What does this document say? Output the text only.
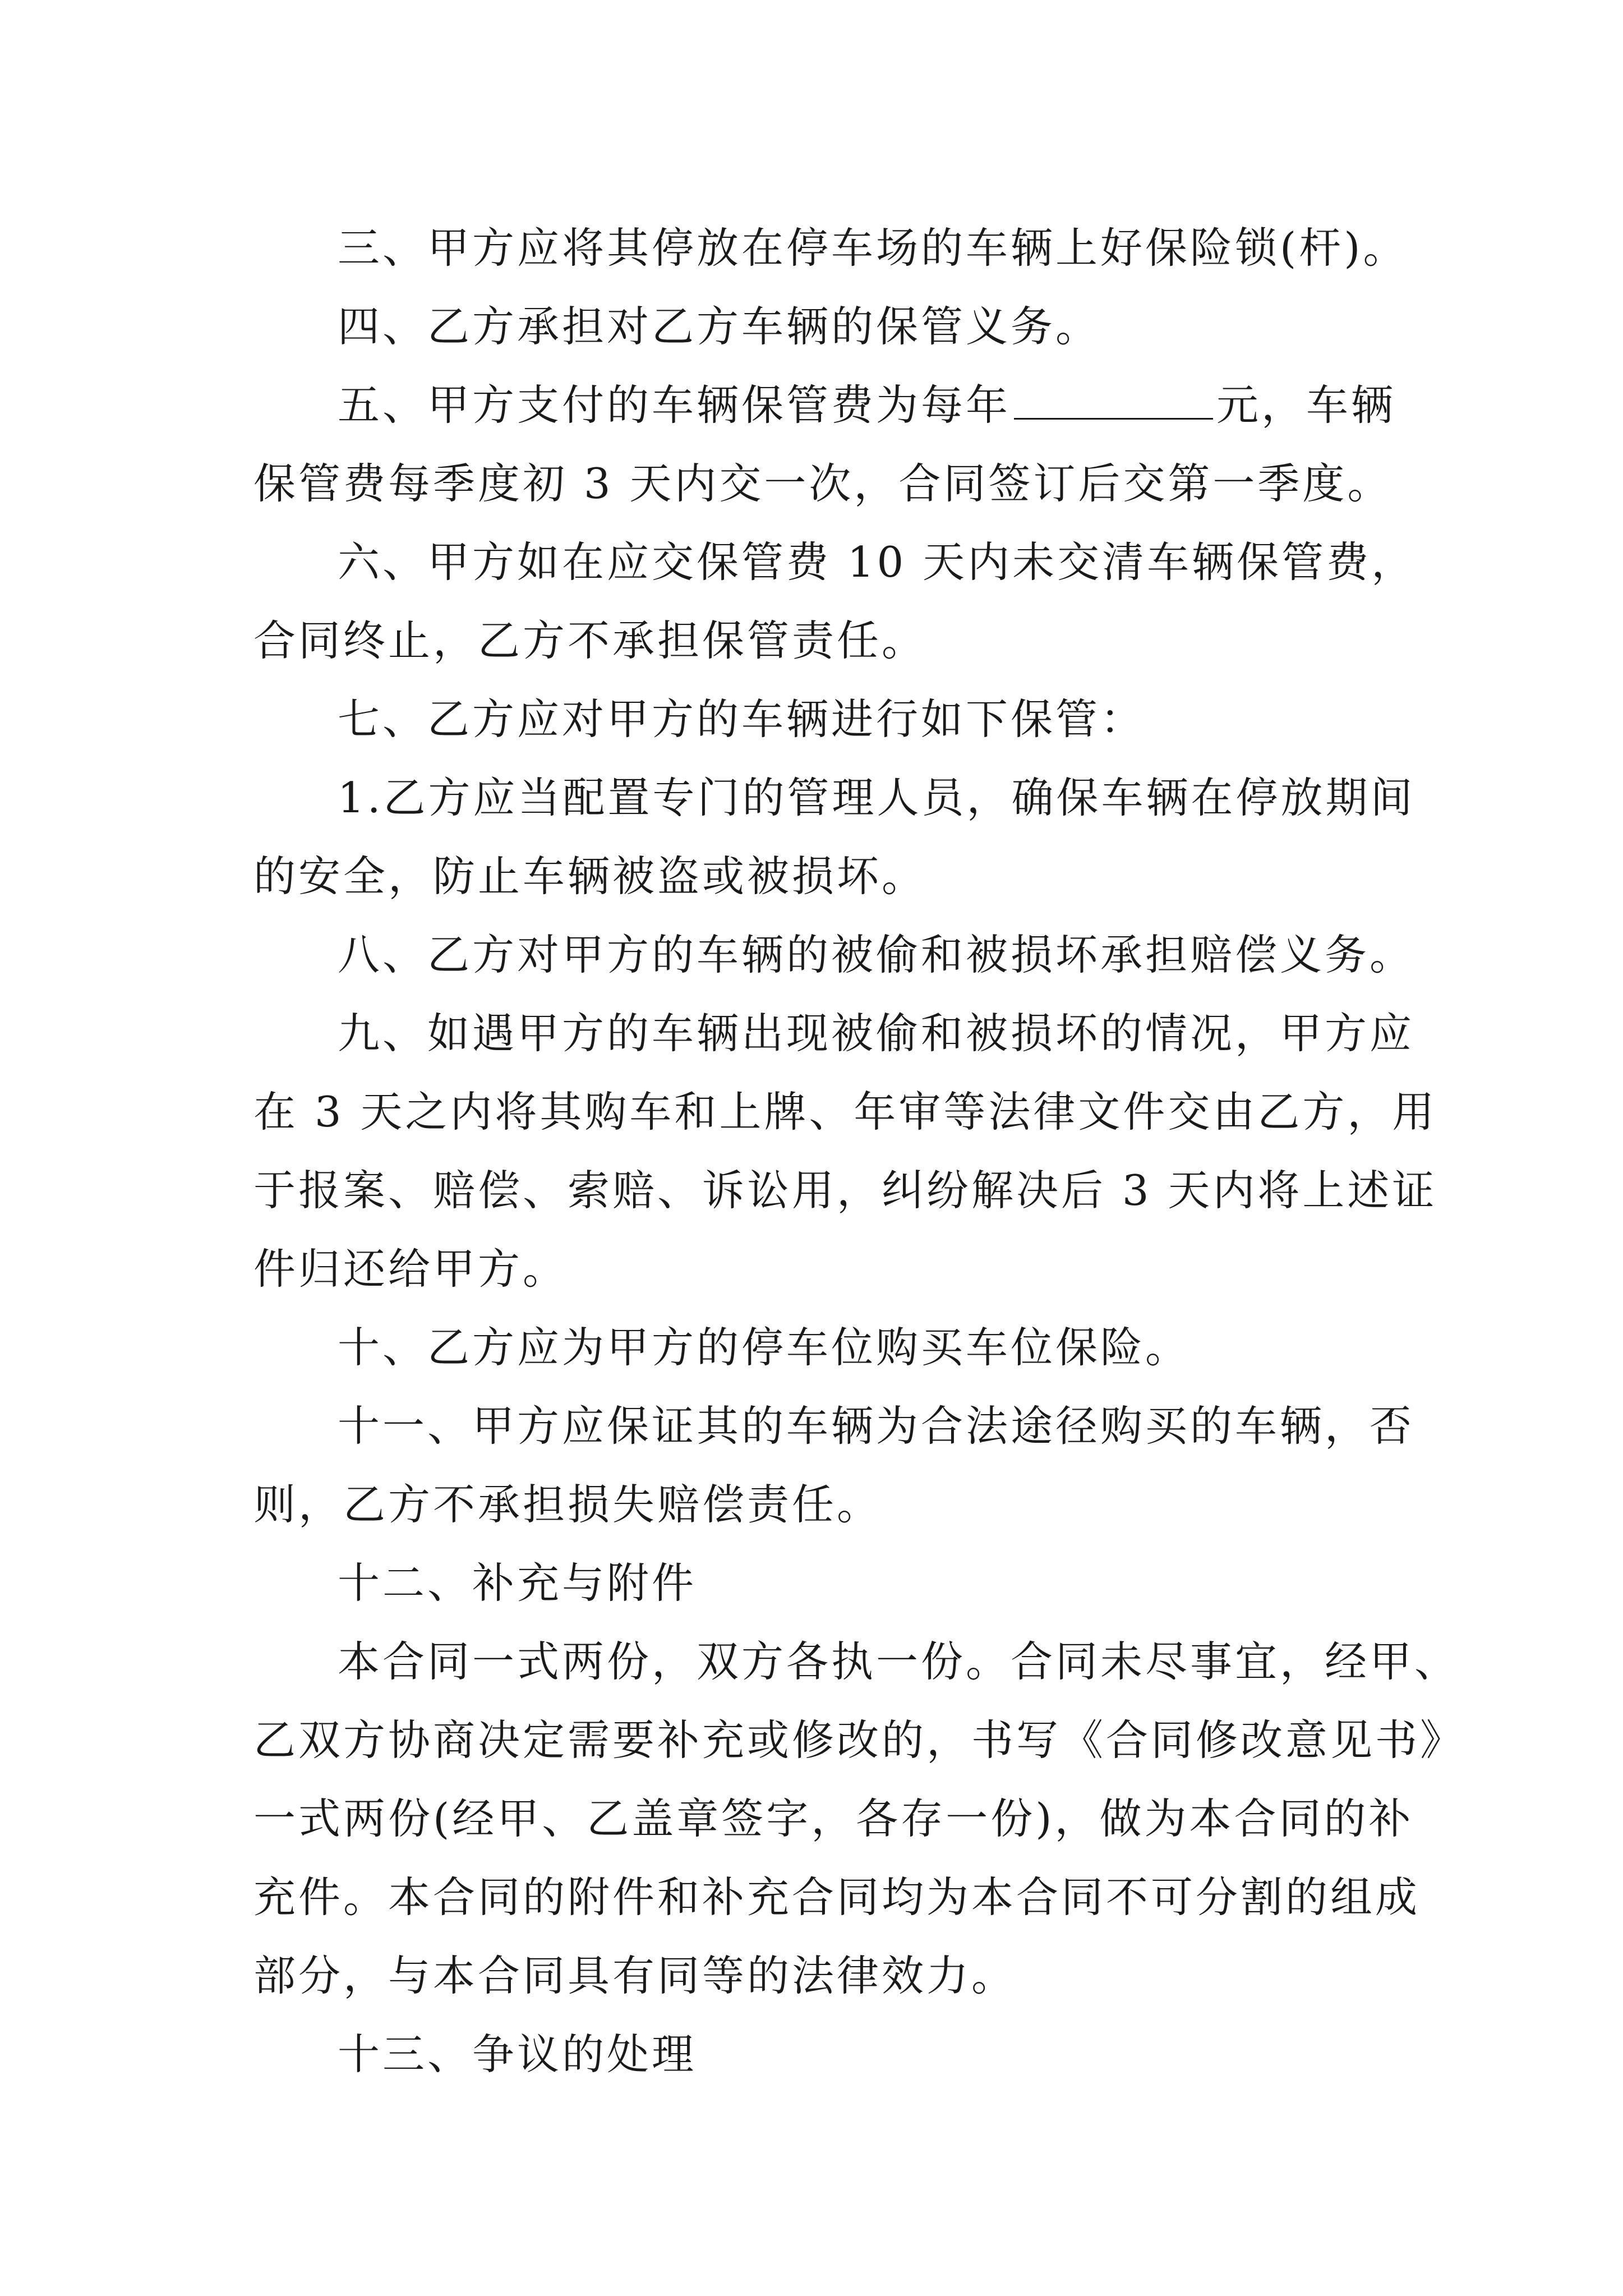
三、甲方应将其停放在停车场的车辆上好保险锁(杆)。
四、乙方承担对乙方车辆的保管义务。
五、甲方支付的车辆保管费为每年	元，车辆
保管费每季度初 3 天内交一次，合同签订后交第一季度。
六、甲方如在应交保管费 10 天内未交清车辆保管费，
合同终止，乙方不承担保管责任。
七、乙方应对甲方的车辆进行如下保管：
1.乙方应当配置专门的管理人员，确保车辆在停放期间
的安全，防止车辆被盗或被损坏。
八、乙方对甲方的车辆的被偷和被损坏承担赔偿义务。
九、如遇甲方的车辆出现被偷和被损坏的情况，甲方应
在 3 天之内将其购车和上牌、年审等法律文件交由乙方，用
于报案、赔偿、索赔、诉讼用，纠纷解决后 3 天内将上述证
件归还给甲方。
十、乙方应为甲方的停车位购买车位保险。
十一、甲方应保证其的车辆为合法途径购买的车辆，否
则，乙方不承担损失赔偿责任。
十二、补充与附件
本合同一式两份，双方各执一份。合同未尽事宜，经甲、
乙双方协商决定需要补充或修改的，书写《合同修改意见书》
一式两份(经甲、乙盖章签字，各存一份)，做为本合同的补
充件。本合同的附件和补充合同均为本合同不可分割的组成
部分，与本合同具有同等的法律效力。
十三、争议的处理
